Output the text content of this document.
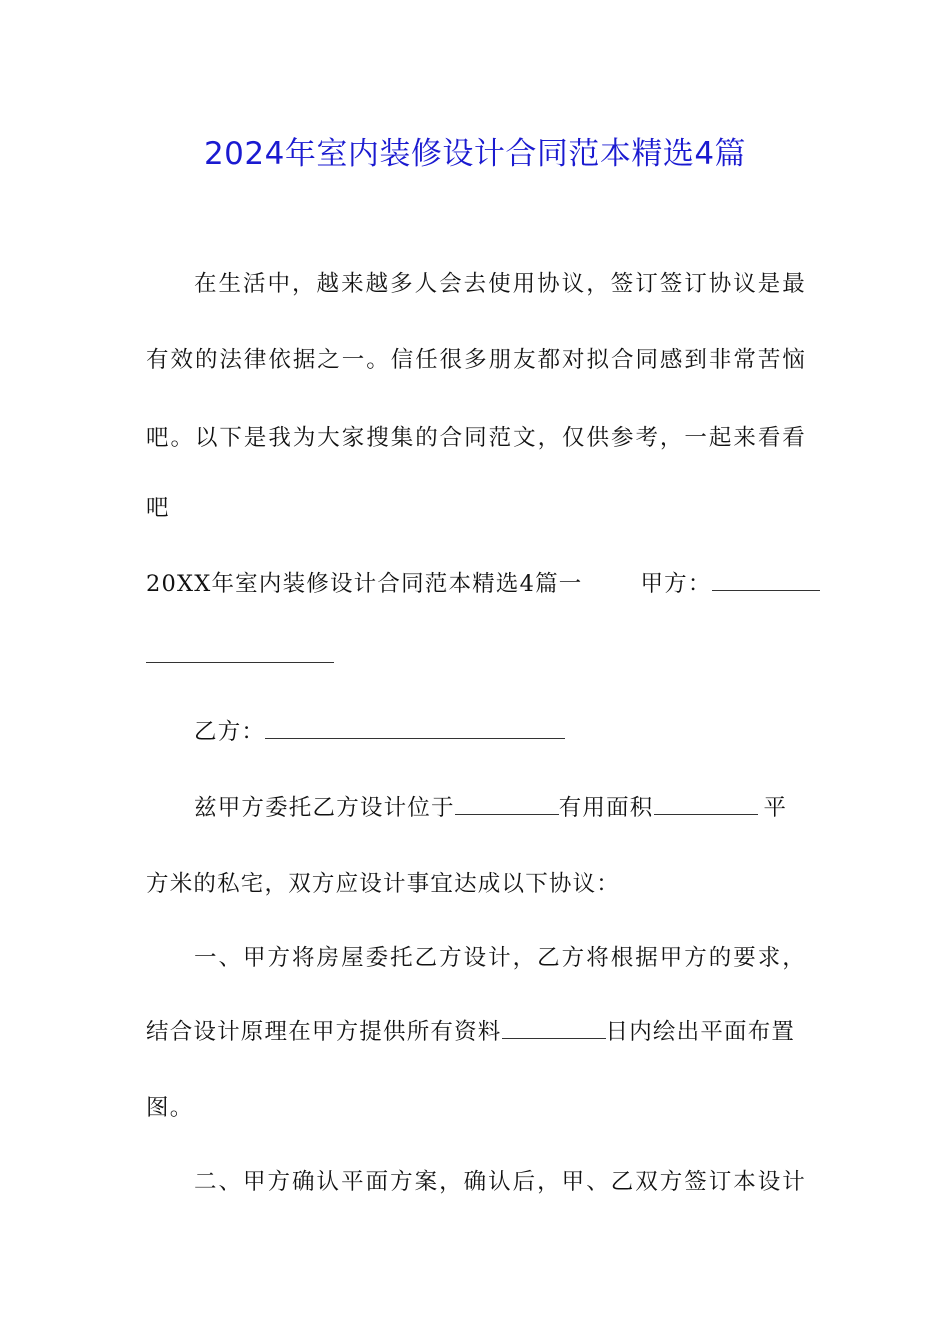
2024年室内装修设计合同范本精选4篇
在生活中，越来越多人会去使用协议，签订签订协议是最
有效的法律依据之一。信任很多朋友都对拟合同感到非常苦恼
吧。以下是我为大家搜集的合同范文，仅供参考，一起来看看
吧
20XX年室内装修设计合同范本精选4篇一	甲方：
乙方：
兹甲方委托乙方设计位于	有用面积	平
方米的私宅，双方应设计事宜达成以下协议：
一、甲方将房屋委托乙方设计，乙方将根据甲方的要求，
结合设计原理在甲方提供所有资料	日内绘出平面布置
图。
二、甲方确认平面方案，确认后，甲、乙双方签订本设计
